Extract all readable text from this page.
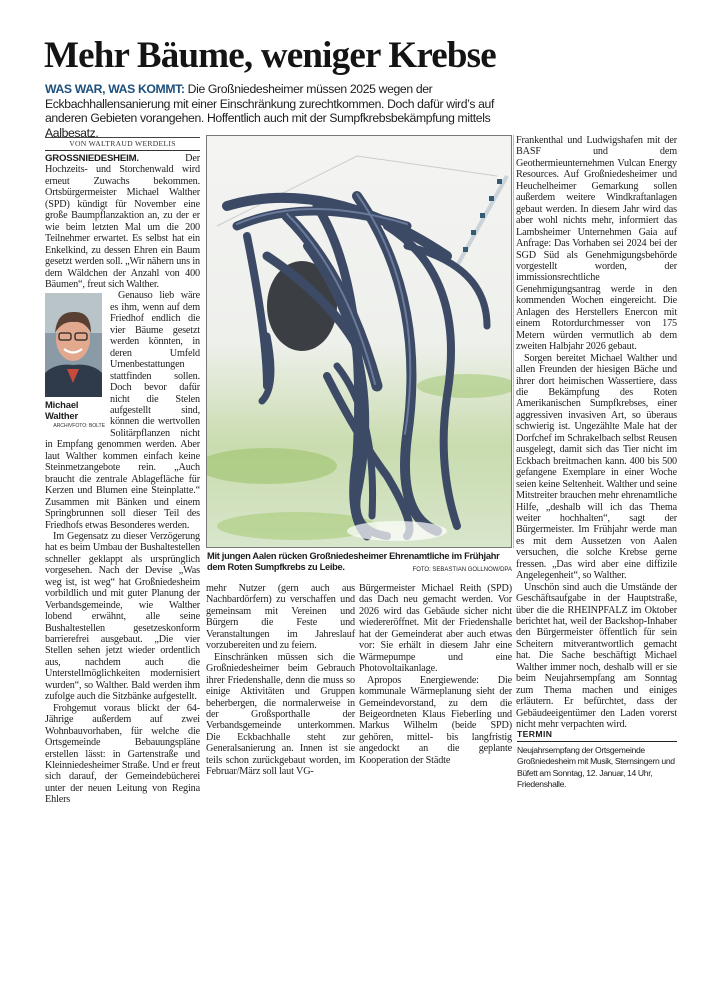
Mehr Bäume, weniger Krebse
WAS WAR, WAS KOMMT: Die Großniedesheimer müssen 2025 wegen der Eckbachhallensanierung mit einer Einschränkung zurechtkommen. Doch dafür wird’s auf anderen Gebieten vorangehen. Hoffentlich auch mit der Sumpfkrebsbekämpfung mittels Aalbesatz.
VON WALTRAUD WERDELIS

GROSSNIEDESHEIM. Der Hochzeits- und Storchenwald wird erneut Zuwachs bekommen. Ortsbürgermeister Michael Walther (SPD) kündigt für November eine große Baumpflanzaktion an, zu der er wie beim letzten Mal um die 200 Teilnehmer erwartet. Es selbst hat ein Enkelkind, zu dessen Ehren ein Baum gesetzt werden soll. „Wir nähern uns in dem Wäldchen der Anzahl von 400 Bäumen“, freut sich Walther.

Michael Walther
ARCHIVFOTO: BOLTE

Genauso lieb wäre es ihm, wenn auf dem Friedhof endlich die vier Bäume gesetzt werden könnten, in deren Umfeld Urnenbestattungen stattfinden sollen. Doch bevor dafür nicht die Stelen aufgestellt sind, können die wertvollen Solitärpflanzen nicht in Empfang genommen werden. Aber laut Walther kommen einfach keine Steinmetzangebote rein. „Auch braucht die zentrale Ablagefläche für Kerzen und Blumen eine Steinplatte.“ Zusammen mit Bänken und einem Springbrunnen soll dieser Teil des Friedhofs etwas Besonderes werden.

Im Gegensatz zu dieser Verzögerung hat es beim Umbau der Bushaltestellen schneller geklappt als ursprünglich vorgesehen. Nach der Devise „Was weg ist, ist weg“ hat Großniedesheim vorbildlich und mit guter Planung der Verbandsgemeinde, wie Walther lobend erwähnt, alle seine Bushaltestellen gesetzeskonform barrierefrei ausgebaut. „Die vier Stellen sehen jetzt wieder ordentlich aus, nachdem auch die Unterstellmöglichkeiten modernisiert wurden“, so Walther. Bald werden ihm zufolge auch die Sitzbänke aufgestellt.

Frohgemut voraus blickt der 64-Jährige außerdem auf zwei Wohnbauvorhaben, für welche die Ortsgemeinde Bebauungspläne erstellen lässt: in Gartenstraße und Kleinniedesheimer Straße. Und er freut sich darauf, der Gemeindebücherei unter der neuen Leitung von Regina Ehlers

Mit jungen Aalen rücken Großniedesheimer Ehrenamtliche im Frühjahr dem Roten Sumpfkrebs zu Leibe.	FOTO: SEBASTIAN GOLLNOW/DPA

mehr Nutzer (gern auch aus Nachbardörfern) zu verschaffen und gemeinsam mit Vereinen und Bürgern die Feste und Veranstaltungen im Jahreslauf vorzubereiten und zu feiern.

Einschränken müssen sich die Großniedesheimer beim Gebrauch ihrer Friedenshalle, denn die muss so einige Aktivitäten und Gruppen beherbergen, die normalerweise in der Großsporthalle der Verbandsgemeinde unterkommen. Die Eckbachhalle steht zur Generalsanierung an. Innen ist sie teils schon zurückgebaut worden, im Februar/März soll laut VG-

Bürgermeister Michael Reith (SPD) das Dach neu gemacht werden. Vor 2026 wird das Gebäude sicher nicht wiedereröffnet. Mit der Friedenshalle hat der Gemeinderat aber auch etwas vor: Sie erhält in diesem Jahr eine Wärmepumpe und eine Photovoltaikanlage.

Apropos Energiewende: Die kommunale Wärmeplanung sieht der Gemeindevorstand, zu dem die Beigeordneten Klaus Fieberling und Markus Wilhelm (beide SPD) gehören, mittel- bis langfristig angedockt an die geplante Kooperation der Städte

Frankenthal und Ludwigshafen mit der BASF und dem Geothermieunternehmen Vulcan Energy Resources. Auf Großniedesheimer und Heuchelheimer Gemarkung sollen außerdem weitere Windkraftanlagen gebaut werden. In diesem Jahr wird das aber wohl nichts mehr, informiert das Lambsheimer Unternehmen Gaia auf Anfrage: Das Vorhaben sei 2024 bei der SGD Süd als Genehmigungsbehörde vorgestellt worden, der immissionsrechtliche Genehmigungsantrag werde in den kommenden Wochen eingereicht. Die Anlagen des Herstellers Enercon mit einem Rotordurchmesser von 175 Metern würden vermutlich ab dem zweiten Halbjahr 2026 gebaut.

Sorgen bereitet Michael Walther und allen Freunden der hiesigen Bäche und ihrer dort heimischen Wassertiere, dass die Bekämpfung des Roten Amerikanischen Sumpfkrebses, einer aggressiven invasiven Art, so überaus schwierig ist. Ungezählte Male hat der Dorfchef im Schrakelbach selbst Reusen ausgelegt, damit sich das Tier nicht im Eckbach breitmachen kann. 400 bis 500 gefangene Exemplare in einer Woche seien keine Seltenheit. Walther und seine Mitstreiter brauchen mehr ehrenamtliche Hilfe, „deshalb will ich das Thema weiter hochhalten“, sagt der Bürgermeister. Im Frühjahr werde man es mit dem Aussetzen von Aalen versuchen, die solche Krebse gerne fressen. „Das wird aber eine diffizile Angelegenheit“, so Walther.

Unschön sind auch die Umstände der Geschäftsaufgabe in der Hauptstraße, über die die RHEINPFALZ im Oktober berichtet hat, weil der Backshop-Inhaber den Bürgermeister öffentlich für sein Scheitern mitverantwortlich gemacht hat. Die Sache beschäftigt Michael Walther immer noch, deshalb will er sie beim Neujahrsempfang am Sonntag zum Thema machen und einiges erläutern. Er befürchtet, dass der Gebäudeeigentümer den Laden vorerst nicht mehr verpachten wird.

TERMIN
Neujahrsempfang der Ortsgemeinde Großniedesheim mit Musik, Sternsingern und Büfett am Sonntag, 12. Januar, 14 Uhr, Friedenshalle.
